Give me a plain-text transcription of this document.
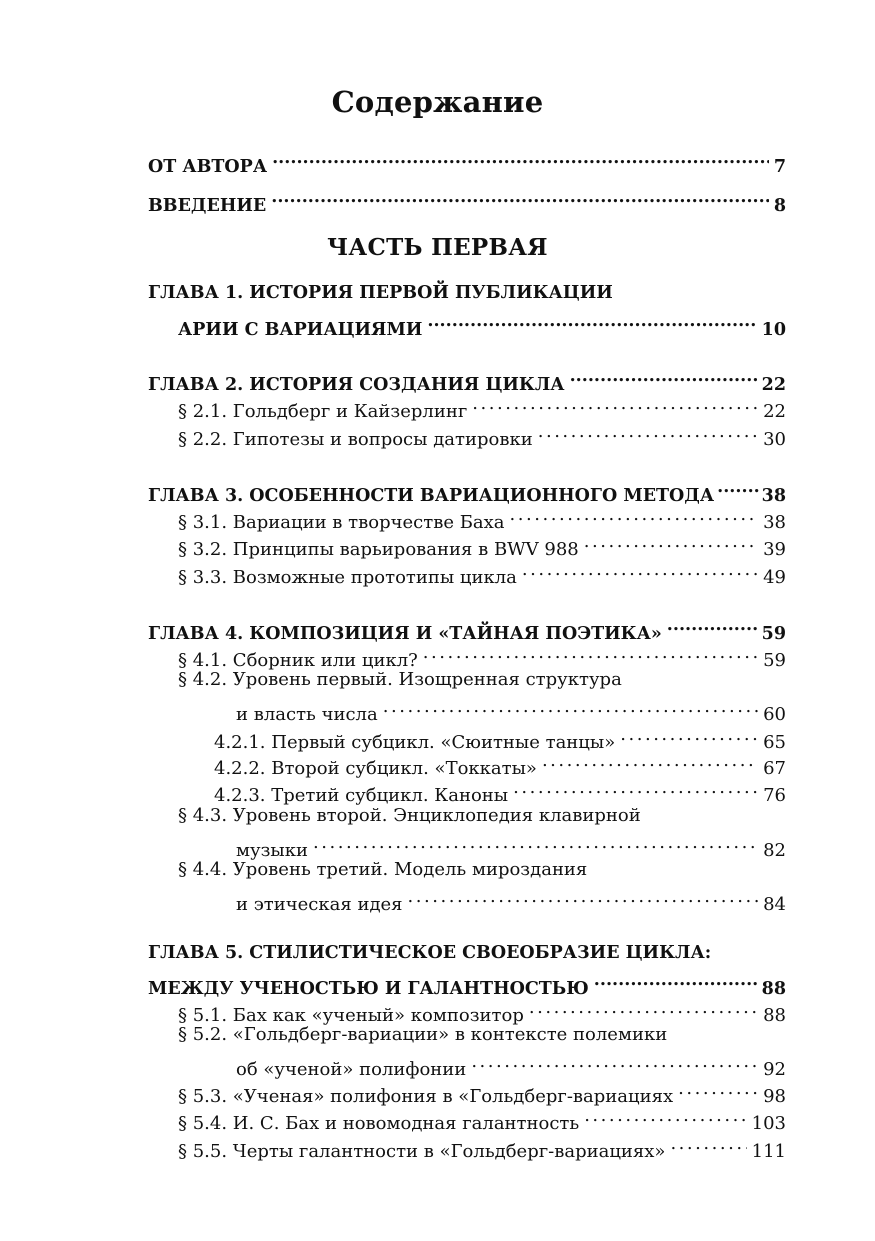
Содержание
ОТ АВТОРА .....	7
ВВЕДЕНИЕ .....	8
ЧАСТЬ ПЕРВАЯ
ГЛАВА 1. ИСТОРИЯ ПЕРВОЙ ПУБЛИКАЦИИ
АРИИ С ВАРИАЦИЯМИ .....	10
ГЛАВА 2. ИСТОРИЯ СОЗДАНИЯ ЦИКЛА .....	22
§ 2.1. Гольдберг и Кайзерлинг . . .	22
§ 2.2. Гипотезы и вопросы датировки . . .	30
ГЛАВА 3. ОСОБЕННОСТИ ВАРИАЦИОННОГО МЕТОДА .....	38
§ 3.1. Вариации в творчестве Баха . . .	38
§ 3.2. Принципы варьирования в BWV 988 . . .	39
§ 3.3. Возможные прототипы цикла . . .	49
ГЛАВА 4. КОМПОЗИЦИЯ И «ТАЙНАЯ ПОЭТИКА» .....	59
§ 4.1. Сборник или цикл? . . .	59
§ 4.2. Уровень первый. Изощренная структура
и власть числа . . .	60
4.2.1. Первый субцикл. «Сюитные танцы» . . .	65
4.2.2. Второй субцикл. «Токкаты» . . .	67
4.2.3. Третий субцикл. Каноны . . .	76
§ 4.3. Уровень второй. Энциклопедия клавирной
музыки . . .	82
§ 4.4. Уровень третий. Модель мироздания
и этическая идея . . .	84
ГЛАВА 5. СТИЛИСТИЧЕСКОЕ СВОЕОБРАЗИЕ ЦИКЛА:
МЕЖДУ УЧЕНОСТЬЮ И ГАЛАНТНОСТЬЮ .....	88
§ 5.1. Бах как «ученый» композитор . . .	88
§ 5.2. «Гольдберг-вариации» в контексте полемики
об «ученой» полифонии . . .	92
§ 5.3. «Ученая» полифония в «Гольдберг-вариациях . . .	98
§ 5.4. И. С. Бах и новомодная галантность . . .	103
§ 5.5. Черты галантности в «Гольдберг-вариациях» . . .	111
